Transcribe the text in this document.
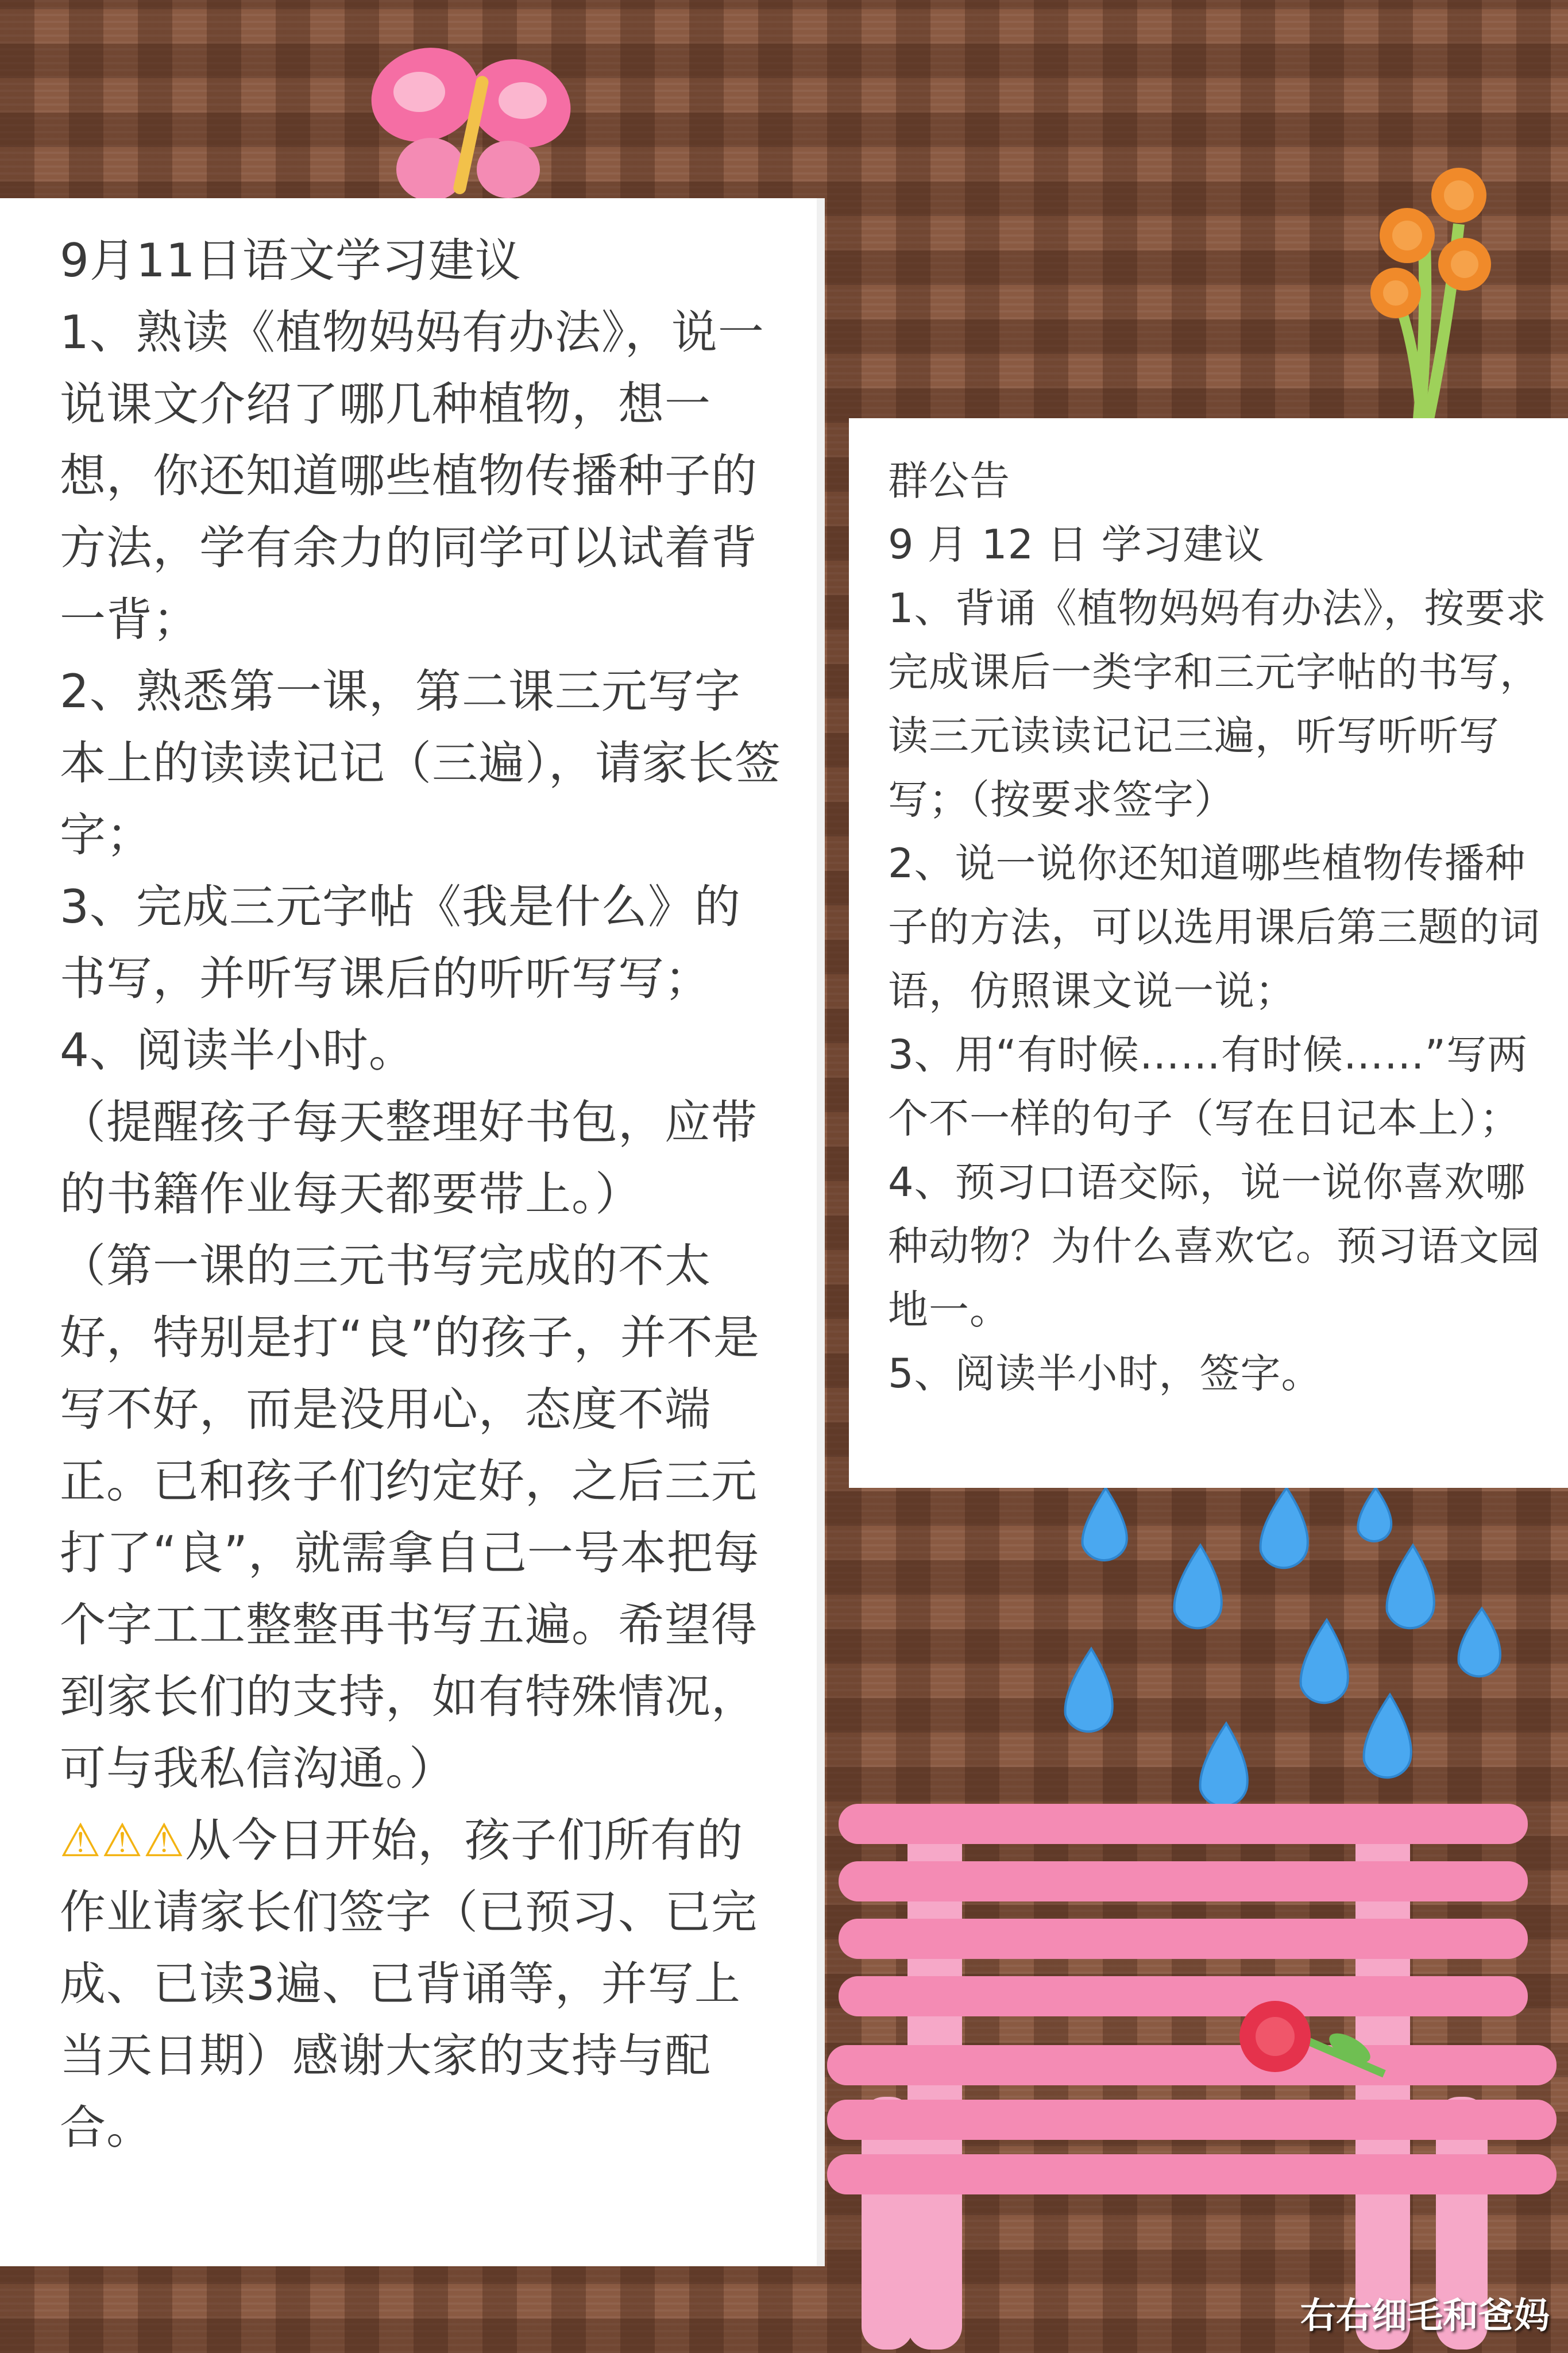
9月11日语文学习建议

1、熟读《植物妈妈有办法》，说一说课文介绍了哪几种植物，想一想，你还知道哪些植物传播种子的方法，学有余力的同学可以试着背一背；

2、熟悉第一课，第二课三元写字本上的读读记记（三遍），请家长签字；

3、完成三元字帖《我是什么》的书写，并听写课后的听听写写；

4、阅读半小时。

（提醒孩子每天整理好书包，应带的书籍作业每天都要带上。）

（第一课的三元书写完成的不太好，特别是打“良”的孩子，并不是写不好，而是没用心，态度不端正。已和孩子们约定好，之后三元打了“良”，就需拿自己一号本把每个字工工整整再书写五遍。希望得到家长们的支持，如有特殊情况，可与我私信沟通。）

⚠⚠⚠从今日开始，孩子们所有的作业请家长们签字（已预习、已完成、已读3遍、已背诵等，并写上当天日期）感谢大家的支持与配合。

群公告

9 月 12 日 学习建议

1、背诵《植物妈妈有办法》，按要求完成课后一类字和三元字帖的书写，读三元读读记记三遍，听写听听写写；（按要求签字）

2、说一说你还知道哪些植物传播种子的方法，可以选用课后第三题的词语，仿照课文说一说；

3、用“有时候……有时候……”写两个不一样的句子（写在日记本上）；

4、预习口语交际，说一说你喜欢哪种动物？为什么喜欢它。预习语文园地一。

5、阅读半小时，签字。

右右细毛和爸妈
